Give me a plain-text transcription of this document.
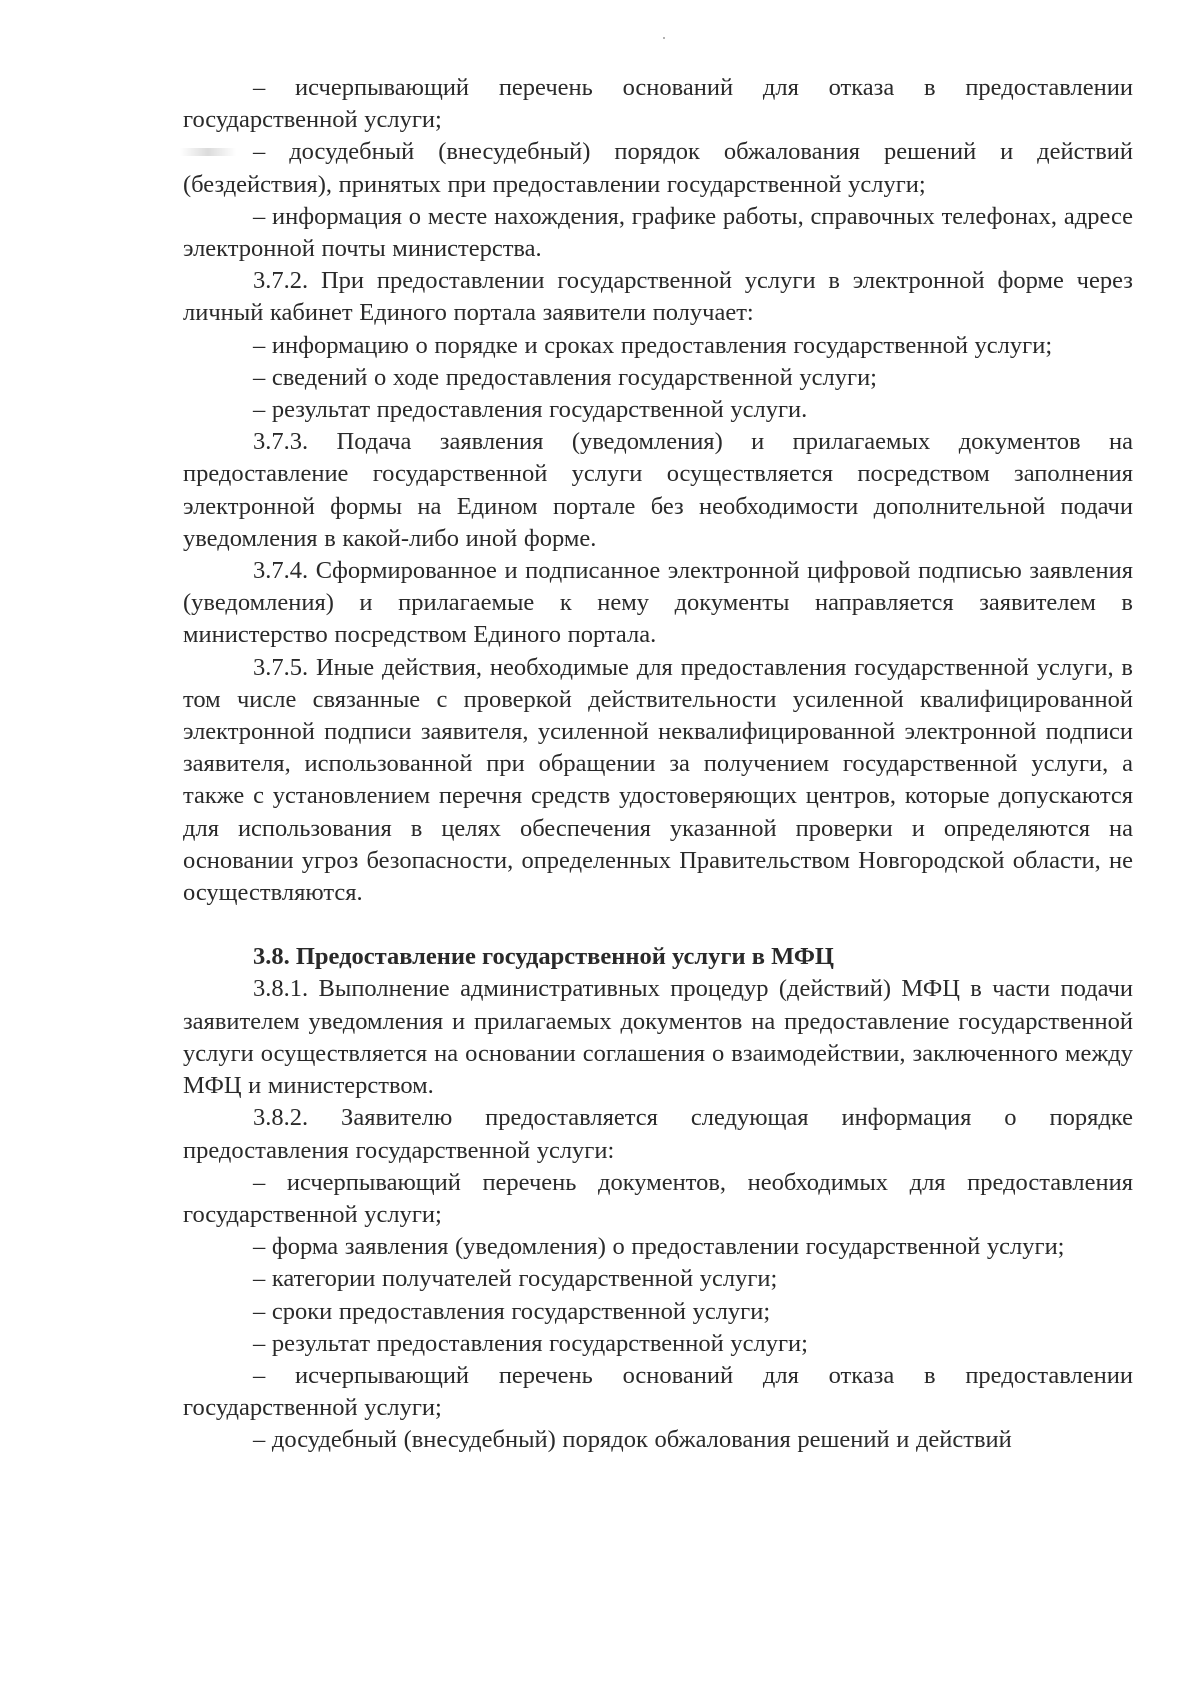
– исчерпывающий перечень оснований для отказа в предоставлении государственной услуги;

– досудебный (внесудебный) порядок обжалования решений и действий (бездействия), принятых при предоставлении государственной услуги;

– информация о месте нахождения, графике работы, справочных телефонах, адресе электронной почты министерства.

3.7.2. При предоставлении государственной услуги в электронной форме через личный кабинет Единого портала заявители получает:

– информацию о порядке и сроках предоставления государственной услуги;

– сведений о ходе предоставления государственной услуги;

– результат предоставления государственной услуги.

3.7.3. Подача заявления (уведомления) и прилагаемых документов на предоставление государственной услуги осуществляется посредством заполнения электронной формы на Едином портале без необходимости дополнительной подачи уведомления в какой-либо иной форме.

3.7.4. Сформированное и подписанное электронной цифровой подписью заявления (уведомления) и прилагаемые к нему документы направляется заявителем в министерство посредством Единого портала.

3.7.5. Иные действия, необходимые для предоставления государственной услуги, в том числе связанные с проверкой действительности усиленной квалифицированной электронной подписи заявителя, усиленной неквалифицированной электронной подписи заявителя, использованной при обращении за получением государственной услуги, а также с установлением перечня средств удостоверяющих центров, которые допускаются для использования в целях обеспечения указанной проверки и определяются на основании угроз безопасности, определенных Правительством Новгородской области, не осуществляются.

3.8. Предоставление государственной услуги в МФЦ

3.8.1. Выполнение административных процедур (действий) МФЦ в части подачи заявителем уведомления и прилагаемых документов на предоставление государственной услуги осуществляется на основании соглашения о взаимодействии, заключенного между МФЦ и министерством.

3.8.2. Заявителю предоставляется следующая информация о порядке предоставления государственной услуги:

– исчерпывающий перечень документов, необходимых для предоставления государственной услуги;

– форма заявления (уведомления) о предоставлении государственной услуги;

– категории получателей государственной услуги;

– сроки предоставления государственной услуги;

– результат предоставления государственной услуги;

– исчерпывающий перечень оснований для отказа в предоставлении государственной услуги;

– досудебный (внесудебный) порядок обжалования решений и действий
